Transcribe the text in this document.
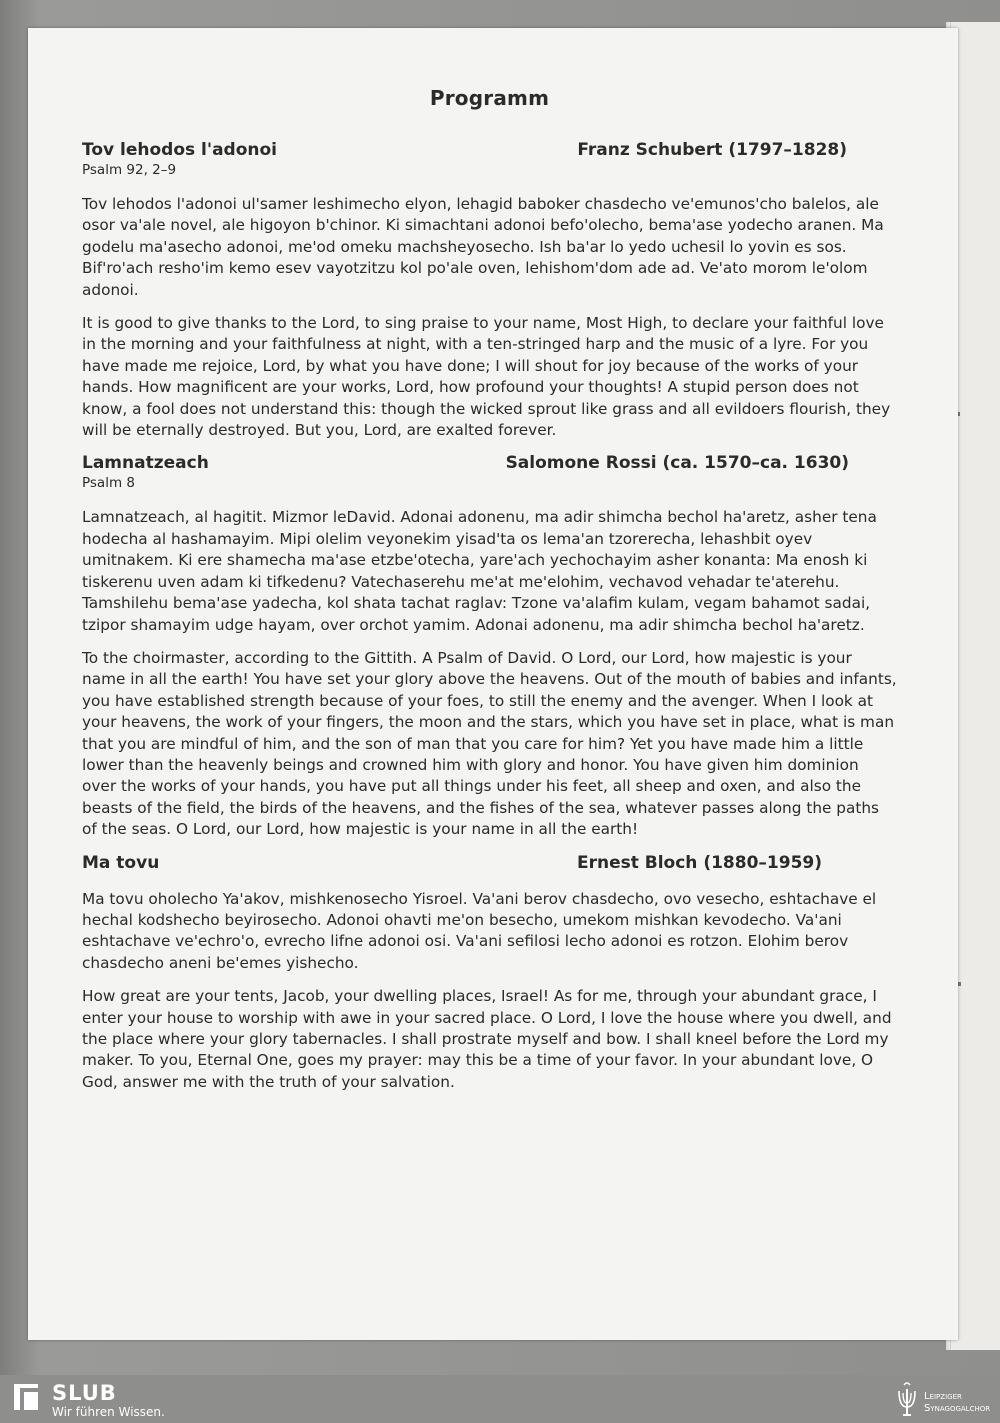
Programm
Tov lehodos l'adonoi	Franz Schubert (1797–1828)
Psalm 92, 2–9

Tov lehodos l'adonoi ul'samer leshimecho elyon, lehagid baboker chasdecho ve'emunos'cho balelos, ale osor va'ale novel, ale higoyon b'chinor. Ki simachtani adonoi befo'olecho, bema'ase yodecho aranen. Ma godelu ma'asecho adonoi, me'od omeku machsheyosecho. Ish ba'ar lo yedo uchesil lo yovin es sos. Bif'ro'ach resho'im kemo esev vayotzitzu kol po'ale oven, lehishom'dom ade ad. Ve'ato morom le'olom adonoi.

It is good to give thanks to the Lord, to sing praise to your name, Most High, to declare your faithful love in the morning and your faithfulness at night, with a ten-stringed harp and the music of a lyre. For you have made me rejoice, Lord, by what you have done; I will shout for joy because of the works of your hands. How magnificent are your works, Lord, how profound your thoughts! A stupid person does not know, a fool does not understand this: though the wicked sprout like grass and all evildoers flourish, they will be eternally destroyed. But you, Lord, are exalted forever.

Lamnatzeach	Salomone Rossi (ca. 1570–ca. 1630)
Psalm 8

Lamnatzeach, al hagitit. Mizmor leDavid. Adonai adonenu, ma adir shimcha bechol ha'aretz, asher tena hodecha al hashamayim. Mipi olelim veyonekim yisad'ta os lema'an tzorerecha, lehashbit oyev umitnakem. Ki ere shamecha ma'ase etzbe'otecha, yare'ach yechochayim asher konanta: Ma enosh ki tiskerenu uven adam ki tifkedenu? Vatechaserehu me'at me'elohim, vechavod vehadar te'aterehu. Tamshilehu bema'ase yadecha, kol shata tachat raglav: Tzone va'alafim kulam, vegam bahamot sadai, tzipor shamayim udge hayam, over orchot yamim. Adonai adonenu, ma adir shimcha bechol ha'aretz.

To the choirmaster, according to the Gittith. A Psalm of David. O Lord, our Lord, how majestic is your name in all the earth! You have set your glory above the heavens. Out of the mouth of babies and infants, you have established strength because of your foes, to still the enemy and the avenger. When I look at your heavens, the work of your fingers, the moon and the stars, which you have set in place, what is man that you are mindful of him, and the son of man that you care for him? Yet you have made him a little lower than the heavenly beings and crowned him with glory and honor. You have given him dominion over the works of your hands, you have put all things under his feet, all sheep and oxen, and also the beasts of the field, the birds of the heavens, and the fishes of the sea, whatever passes along the paths of the seas. O Lord, our Lord, how majestic is your name in all the earth!

Ma tovu	Ernest Bloch (1880–1959)

Ma tovu oholecho Ya'akov, mishkenosecho Yisroel. Va'ani berov chasdecho, ovo vesecho, eshtachave el hechal kodshecho beyirosecho. Adonoi ohavti me'on besecho, umekom mishkan kevodecho. Va'ani eshtachave ve'echro'o, evrecho lifne adonoi osi. Va'ani sefilosi lecho adonoi es rotzon. Elohim berov chasdecho aneni be'emes yishecho.

How great are your tents, Jacob, your dwelling places, Israel! As for me, through your abundant grace, I enter your house to worship with awe in your sacred place. O Lord, I love the house where you dwell, and the place where your glory tabernacles. I shall prostrate myself and bow. I shall kneel before the Lord my maker. To you, Eternal One, goes my prayer: may this be a time of your favor. In your abundant love, O God, answer me with the truth of your salvation.

SLUB
Wir führen Wissen.
Leipziger
Synagogalchor
